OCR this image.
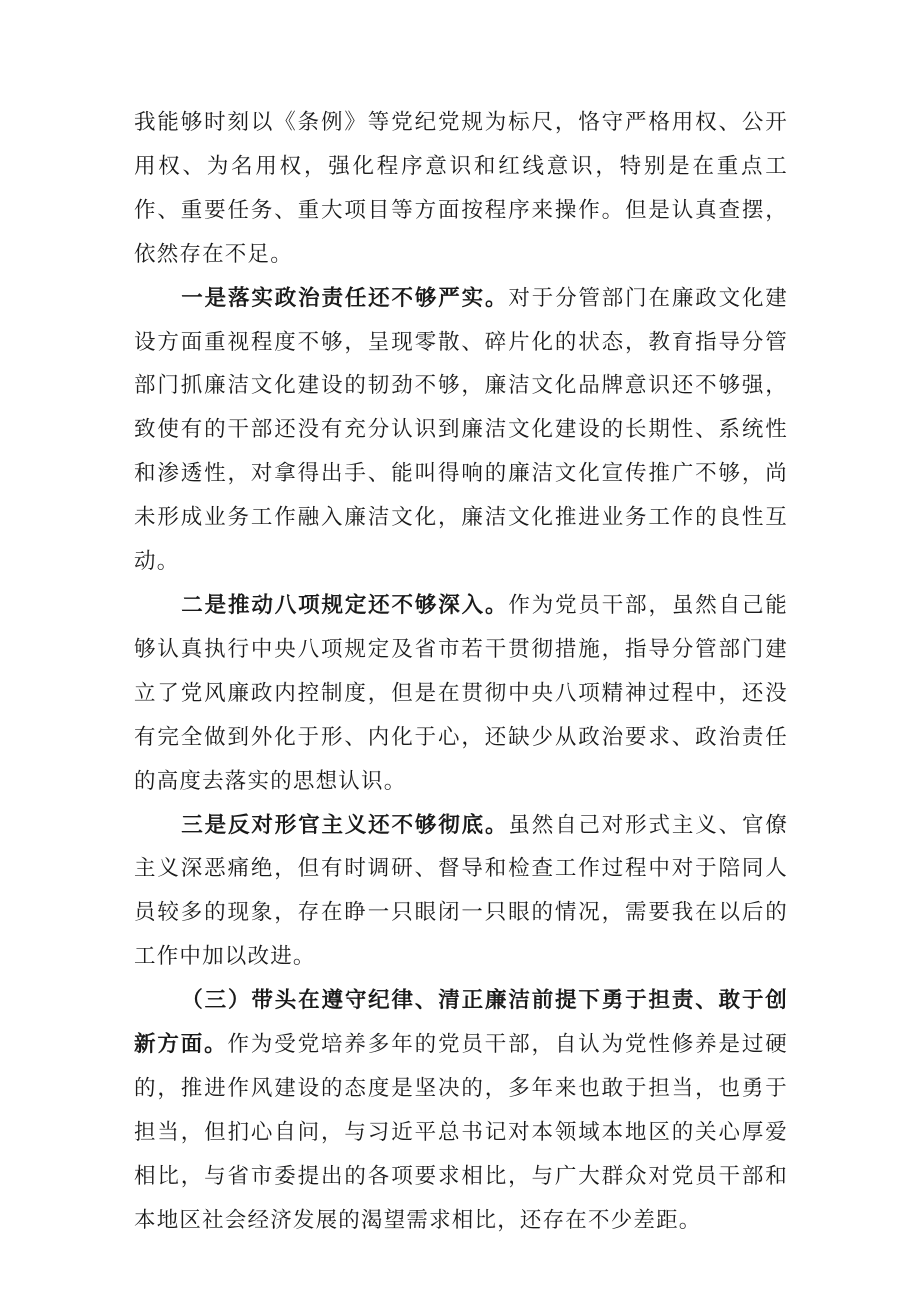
我能够时刻以《条例》等党纪党规为标尺，恪守严格用权、公开用权、为名用权，强化程序意识和红线意识，特别是在重点工作、重要任务、重大项目等方面按程序来操作。但是认真查摆，依然存在不足。

一是落实政治责任还不够严实。对于分管部门在廉政文化建设方面重视程度不够，呈现零散、碎片化的状态，教育指导分管部门抓廉洁文化建设的韧劲不够，廉洁文化品牌意识还不够强，致使有的干部还没有充分认识到廉洁文化建设的长期性、系统性和渗透性，对拿得出手、能叫得响的廉洁文化宣传推广不够，尚未形成业务工作融入廉洁文化，廉洁文化推进业务工作的良性互动。

二是推动八项规定还不够深入。作为党员干部，虽然自己能够认真执行中央八项规定及省市若干贯彻措施，指导分管部门建立了党风廉政内控制度，但是在贯彻中央八项精神过程中，还没有完全做到外化于形、内化于心，还缺少从政治要求、政治责任的高度去落实的思想认识。

三是反对形官主义还不够彻底。虽然自己对形式主义、官僚主义深恶痛绝，但有时调研、督导和检查工作过程中对于陪同人员较多的现象，存在睁一只眼闭一只眼的情况，需要我在以后的工作中加以改进。

（三）带头在遵守纪律、清正廉洁前提下勇于担责、敢于创新方面。作为受党培养多年的党员干部，自认为党性修养是过硬的，推进作风建设的态度是坚决的，多年来也敢于担当，也勇于担当，但扪心自问，与习近平总书记对本领域本地区的关心厚爱相比，与省市委提出的各项要求相比，与广大群众对党员干部和本地区社会经济发展的渴望需求相比，还存在不少差距。
